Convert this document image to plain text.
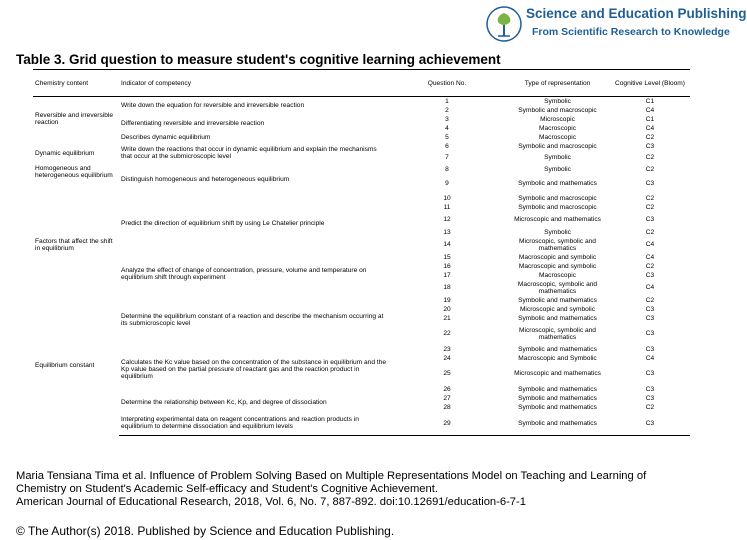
Science and Education Publishing
From Scientific Research to Knowledge
Table 3. Grid question to measure student's cognitive learning achievement
Chemistry content	Indicator of competency	Question No.	Type of representation	Cognitive Level (Bloom)
Reversible and irreversible reaction	Write down the equation for reversible and irreversible reaction	1	Symbolic	C1
		2	Symbolic and macroscopic	C4
	Differentiating reversible and irreversible reaction	3	Microscopic	C1
		4	Macroscopic	C4
	Describes dynamic equilibrium	5	Macroscopic	C2
Dynamic equilibrium	Write down the reactions that occur in dynamic equilibrium and explain the mechanisms that occur at the submicroscopic level	6	Symbolic and macroscopic	C3
		7	Symbolic	C2
Homogeneous and heterogeneous equilibrium	Distinguish homogeneous and heterogeneous equilibrium	8	Symbolic	C2
		9	Symbolic and mathematics	C3
Factors that affect the shift in equilibrium	Predict the direction of equilibrium shift by using Le Chatelier principle	10	Symbolic and macroscopic	C2
		11	Symbolic and macroscopic	C2
		12	Microscopic and mathematics	C3
		13	Symbolic	C2
		14	Microscopic, symbolic and mathematics	C4
	Analyze the effect of change of concentration, pressure, volume and temperature on equilibrium shift through experiment	15	Macroscopic and symbolic	C4
		16	Macroscopic and symbolic	C2
		17	Macroscopic	C3
		18	Macroscopic, symbolic and mathematics	C4
Equilibrium constant	Determine the equilibrium constant of a reaction and describe the mechanism occurring at its submicroscopic level	19	Symbolic and mathematics	C2
		20	Microscopic and symbolic	C3
		21	Symbolic and mathematics	C3
		22	Microscopic, symbolic and mathematics	C3
	Calculates the Kc value based on the concentration of the substance in equilibrium and the Kp value based on the partial pressure of reactant gas and the reaction product in equilibrium	23	Symbolic and mathematics	C3
		24	Macroscopic and Symbolic	C4
		25	Microscopic and mathematics	C3
		26	Symbolic and mathematics	C3
	Determine the relationship between Kc, Kp, and degree of dissociation	27	Symbolic and mathematics	C3
		28	Symbolic and mathematics	C2
	Interpreting experimental data on reagent concentrations and reaction products in equilibrium to determine dissociation and equilibrium levels	29	Symbolic and mathematics	C3
Maria Tensiana Tima et al. Influence of Problem Solving Based on Multiple Representations Model on Teaching and Learning of
Chemistry on Student's Academic Self-efficacy and Student's Cognitive Achievement.
American Journal of Educational Research, 2018, Vol. 6, No. 7, 887-892. doi:10.12691/education-6-7-1
© The Author(s) 2018. Published by Science and Education Publishing.
